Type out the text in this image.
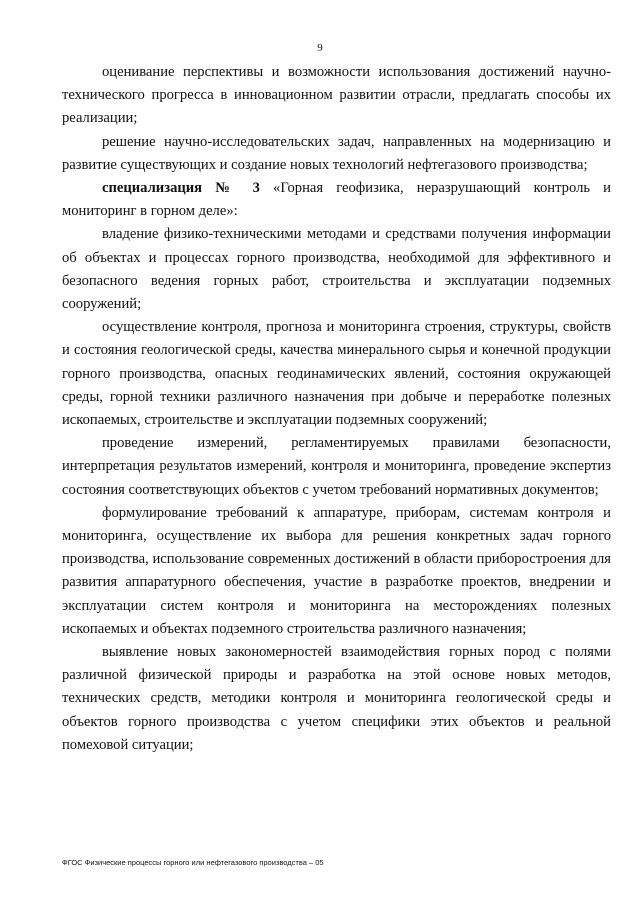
9

оценивание перспективы и возможности использования достижений научно-технического прогресса в инновационном развитии отрасли, предлагать способы их реализации;

решение научно-исследовательских задач, направленных на модернизацию и развитие существующих и создание новых технологий нефтегазового производства;

специализация № 3 «Горная геофизика, неразрушающий контроль и мониторинг в горном деле»:

владение физико-техническими методами и средствами получения информации об объектах и процессах горного производства, необходимой для эффективного и безопасного ведения горных работ, строительства и эксплуатации подземных сооружений;

осуществление контроля, прогноза и мониторинга строения, структуры, свойств и состояния геологической среды, качества минерального сырья и конечной продукции горного производства, опасных геодинамических явлений, состояния окружающей среды, горной техники различного назначения при добыче и переработке полезных ископаемых, строительстве и эксплуатации подземных сооружений;

проведение измерений, регламентируемых правилами безопасности, интерпретация результатов измерений, контроля и мониторинга, проведение экспертиз состояния соответствующих объектов с учетом требований нормативных документов;

формулирование требований к аппаратуре, приборам, системам контроля и мониторинга, осуществление их выбора для решения конкретных задач горного производства, использование современных достижений в области приборостроения для развития аппаратурного обеспечения, участие в разработке проектов, внедрении и эксплуатации систем контроля и мониторинга на месторождениях полезных ископаемых и объектах подземного строительства различного назначения;

выявление новых закономерностей взаимодействия горных пород с полями различной физической природы и разработка на этой основе новых методов, технических средств, методики контроля и мониторинга геологической среды и объектов горного производства с учетом специфики этих объектов и реальной помеховой ситуации;

ФГОС Физические процессы горного или нефтегазового производства – 05
